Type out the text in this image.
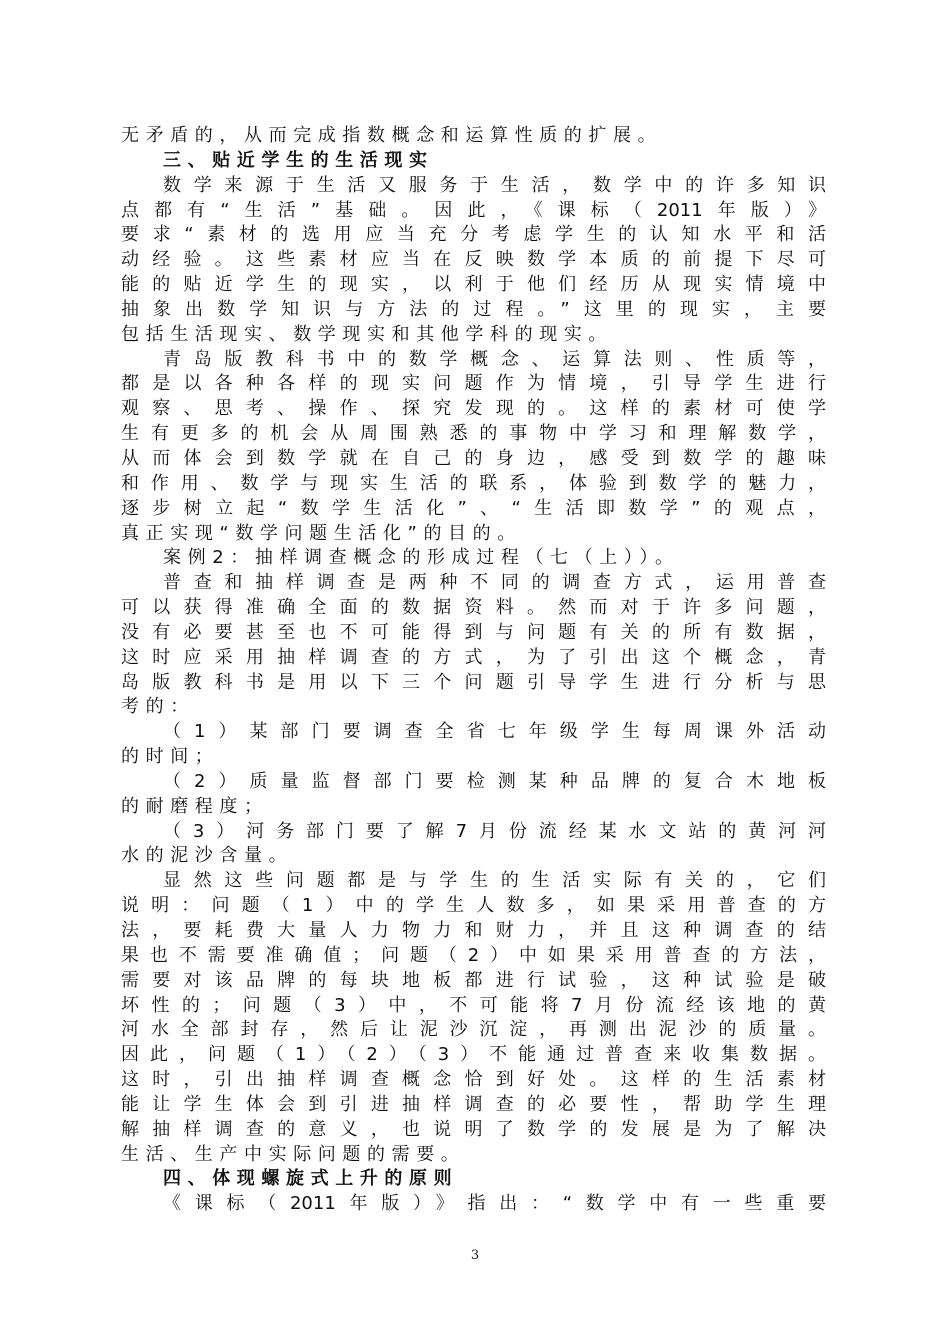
无矛盾的，从而完成指数概念和运算性质的扩展。
三、贴近学生的生活现实
数学来源于生活又服务于生活，数学中的许多知识
点都有“生活”基础。因此，《课标（2011年版）》
要求“素材的选用应当充分考虑学生的认知水平和活
动经验。这些素材应当在反映数学本质的前提下尽可
能的贴近学生的现实，以利于他们经历从现实情境中
抽象出数学知识与方法的过程。”这里的现实，主要
包括生活现实、数学现实和其他学科的现实。
青岛版教科书中的数学概念、运算法则、性质等，
都是以各种各样的现实问题作为情境，引导学生进行
观察、思考、操作、探究发现的。这样的素材可使学
生有更多的机会从周围熟悉的事物中学习和理解数学，
从而体会到数学就在自己的身边，感受到数学的趣味
和作用、数学与现实生活的联系，体验到数学的魅力，
逐步树立起“数学生活化”、“生活即数学”的观点，
真正实现“数学问题生活化”的目的。
案例2：抽样调查概念的形成过程（七（上））。
普查和抽样调查是两种不同的调查方式，运用普查
可以获得准确全面的数据资料。然而对于许多问题，
没有必要甚至也不可能得到与问题有关的所有数据，
这时应采用抽样调查的方式，为了引出这个概念，青
岛版教科书是用以下三个问题引导学生进行分析与思
考的：
（1）某部门要调查全省七年级学生每周课外活动
的时间；
（2）质量监督部门要检测某种品牌的复合木地板
的耐磨程度；
（3）河务部门要了解7月份流经某水文站的黄河河
水的泥沙含量。
显然这些问题都是与学生的生活实际有关的，它们
说明：问题（1）中的学生人数多，如果采用普查的方
法，要耗费大量人力物力和财力，并且这种调查的结
果也不需要准确值；问题（2）中如果采用普查的方法，
需要对该品牌的每块地板都进行试验，这种试验是破
坏性的；问题（3）中，不可能将7月份流经该地的黄
河水全部封存，然后让泥沙沉淀，再测出泥沙的质量。
因此，问题（1）（2）（3）不能通过普查来收集数据。
这时，引出抽样调查概念恰到好处。这样的生活素材
能让学生体会到引进抽样调查的必要性，帮助学生理
解抽样调查的意义，也说明了数学的发展是为了解决
生活、生产中实际问题的需要。
四、体现螺旋式上升的原则
《课标（2011年版）》指出：“数学中有一些重要
3
